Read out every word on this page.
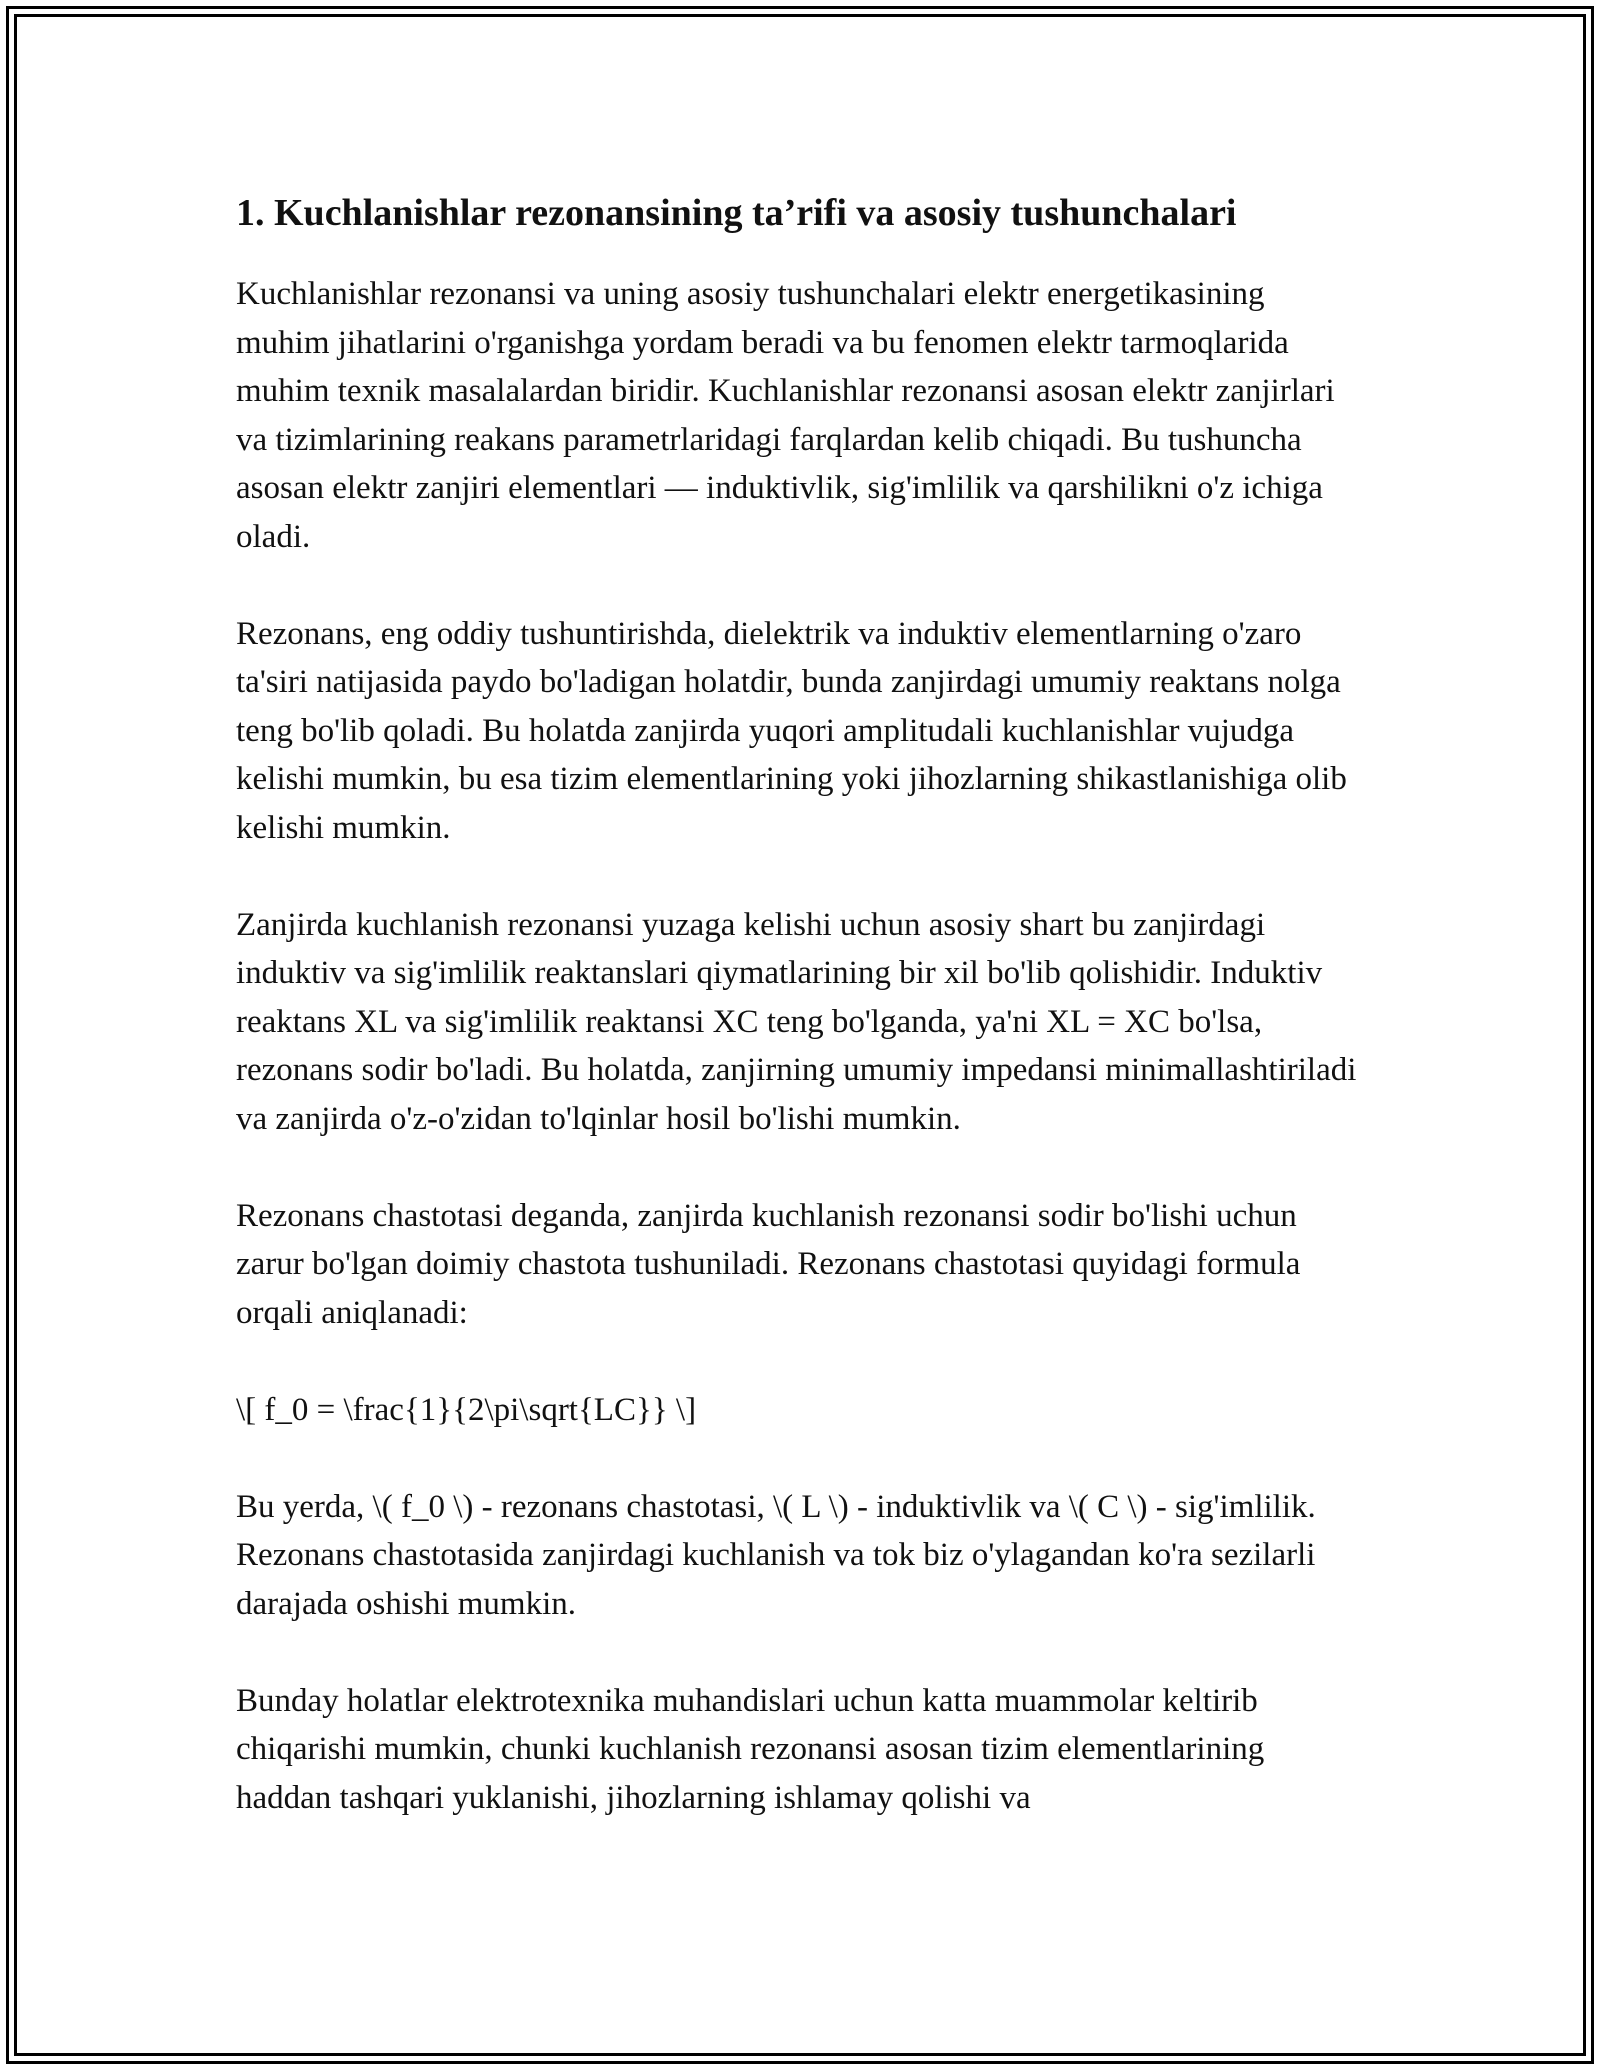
1. Kuchlanishlar rezonansining ta’rifi va asosiy tushunchalari

Kuchlanishlar rezonansi va uning asosiy tushunchalari elektr energetikasining muhim jihatlarini o'rganishga yordam beradi va bu fenomen elektr tarmoqlarida muhim texnik masalalardan biridir. Kuchlanishlar rezonansi asosan elektr zanjirlari va tizimlarining reakans parametrlaridagi farqlardan kelib chiqadi. Bu tushuncha asosan elektr zanjiri elementlari — induktivlik, sig'imlilik va qarshilikni o'z ichiga oladi.

Rezonans, eng oddiy tushuntirishda, dielektrik va induktiv elementlarning o'zaro ta'siri natijasida paydo bo'ladigan holatdir, bunda zanjirdagi umumiy reaktans nolga teng bo'lib qoladi. Bu holatda zanjirda yuqori amplitudali kuchlanishlar vujudga kelishi mumkin, bu esa tizim elementlarining yoki jihozlarning shikastlanishiga olib kelishi mumkin.

Zanjirda kuchlanish rezonansi yuzaga kelishi uchun asosiy shart bu zanjirdagi induktiv va sig'imlilik reaktanslari qiymatlarining bir xil bo'lib qolishidir. Induktiv reaktans XL va sig'imlilik reaktansi XC teng bo'lganda, ya'ni XL = XC bo'lsa, rezonans sodir bo'ladi. Bu holatda, zanjirning umumiy impedansi minimallashtiriladi va zanjirda o'z-o'zidan to'lqinlar hosil bo'lishi mumkin.

Rezonans chastotasi deganda, zanjirda kuchlanish rezonansi sodir bo'lishi uchun zarur bo'lgan doimiy chastota tushuniladi. Rezonans chastotasi quyidagi formula orqali aniqlanadi:

\[ f_0 = \frac{1}{2\pi\sqrt{LC}} \]

Bu yerda, \( f_0 \) - rezonans chastotasi, \( L \) - induktivlik va \( C \) - sig'imlilik. Rezonans chastotasida zanjirdagi kuchlanish va tok biz o'ylagandan ko'ra sezilarli darajada oshishi mumkin.

Bunday holatlar elektrotexnika muhandislari uchun katta muammolar keltirib chiqarishi mumkin, chunki kuchlanish rezonansi asosan tizim elementlarining haddan tashqari yuklanishi, jihozlarning ishlamay qolishi va
